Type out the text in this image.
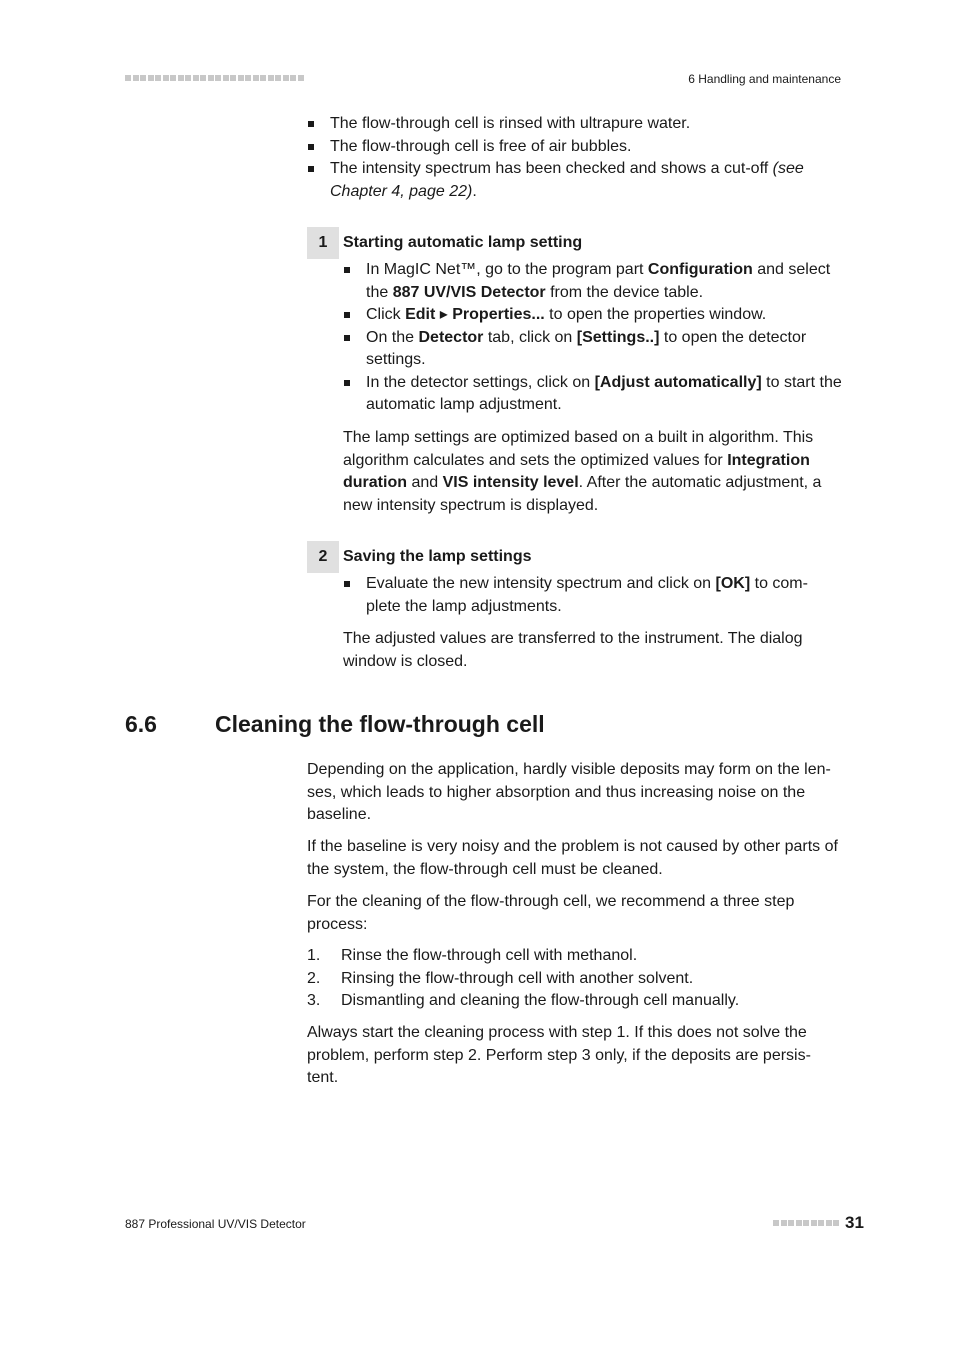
6 Handling and maintenance
The flow-through cell is rinsed with ultrapure water.
The flow-through cell is free of air bubbles.
The intensity spectrum has been checked and shows a cut-off (see Chapter 4, page 22).
1 Starting automatic lamp setting
In MagIC Net™, go to the program part Configuration and select the 887 UV/VIS Detector from the device table.
Click Edit ▸ Properties... to open the properties window.
On the Detector tab, click on [Settings..] to open the detector settings.
In the detector settings, click on [Adjust automatically] to start the automatic lamp adjustment.

The lamp settings are optimized based on a built in algorithm. This algorithm calculates and sets the optimized values for Integration duration and VIS intensity level. After the automatic adjustment, a new intensity spectrum is displayed.

2 Saving the lamp settings
Evaluate the new intensity spectrum and click on [OK] to com-plete the lamp adjustments.

The adjusted values are transferred to the instrument. The dialog window is closed.

6.6	Cleaning the flow-through cell

Depending on the application, hardly visible deposits may form on the len-ses, which leads to higher absorption and thus increasing noise on the baseline.

If the baseline is very noisy and the problem is not caused by other parts of the system, the flow-through cell must be cleaned.

For the cleaning of the flow-through cell, we recommend a three step process:

1. Rinse the flow-through cell with methanol.
2. Rinsing the flow-through cell with another solvent.
3. Dismantling and cleaning the flow-through cell manually.

Always start the cleaning process with step 1. If this does not solve the problem, perform step 2. Perform step 3 only, if the deposits are persis-tent.

887 Professional UV/VIS Detector	31
